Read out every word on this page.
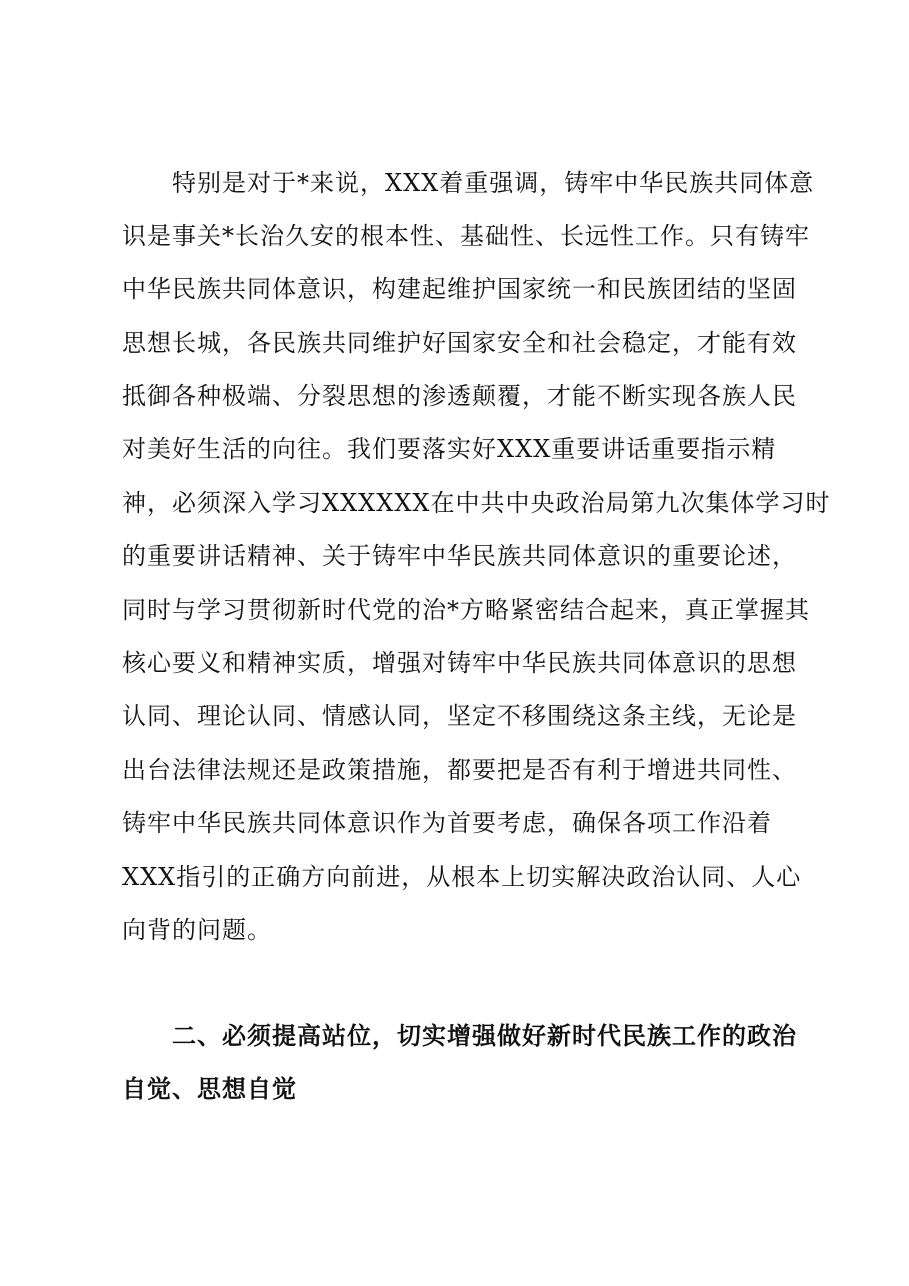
特别是对于*来说，XXX着重强调，铸牢中华民族共同体意
识是事关*长治久安的根本性、基础性、长远性工作。只有铸牢
中华民族共同体意识，构建起维护国家统一和民族团结的坚固
思想长城，各民族共同维护好国家安全和社会稳定，才能有效
抵御各种极端、分裂思想的渗透颠覆，才能不断实现各族人民
对美好生活的向往。我们要落实好XXX重要讲话重要指示精
神，必须深入学习XXXXXX在中共中央政治局第九次集体学习时
的重要讲话精神、关于铸牢中华民族共同体意识的重要论述，
同时与学习贯彻新时代党的治*方略紧密结合起来，真正掌握其
核心要义和精神实质，增强对铸牢中华民族共同体意识的思想
认同、理论认同、情感认同，坚定不移围绕这条主线，无论是
出台法律法规还是政策措施，都要把是否有利于增进共同性、
铸牢中华民族共同体意识作为首要考虑，确保各项工作沿着
XXX指引的正确方向前进，从根本上切实解决政治认同、人心
向背的问题。
二、必须提高站位，切实增强做好新时代民族工作的政治
自觉、思想自觉
